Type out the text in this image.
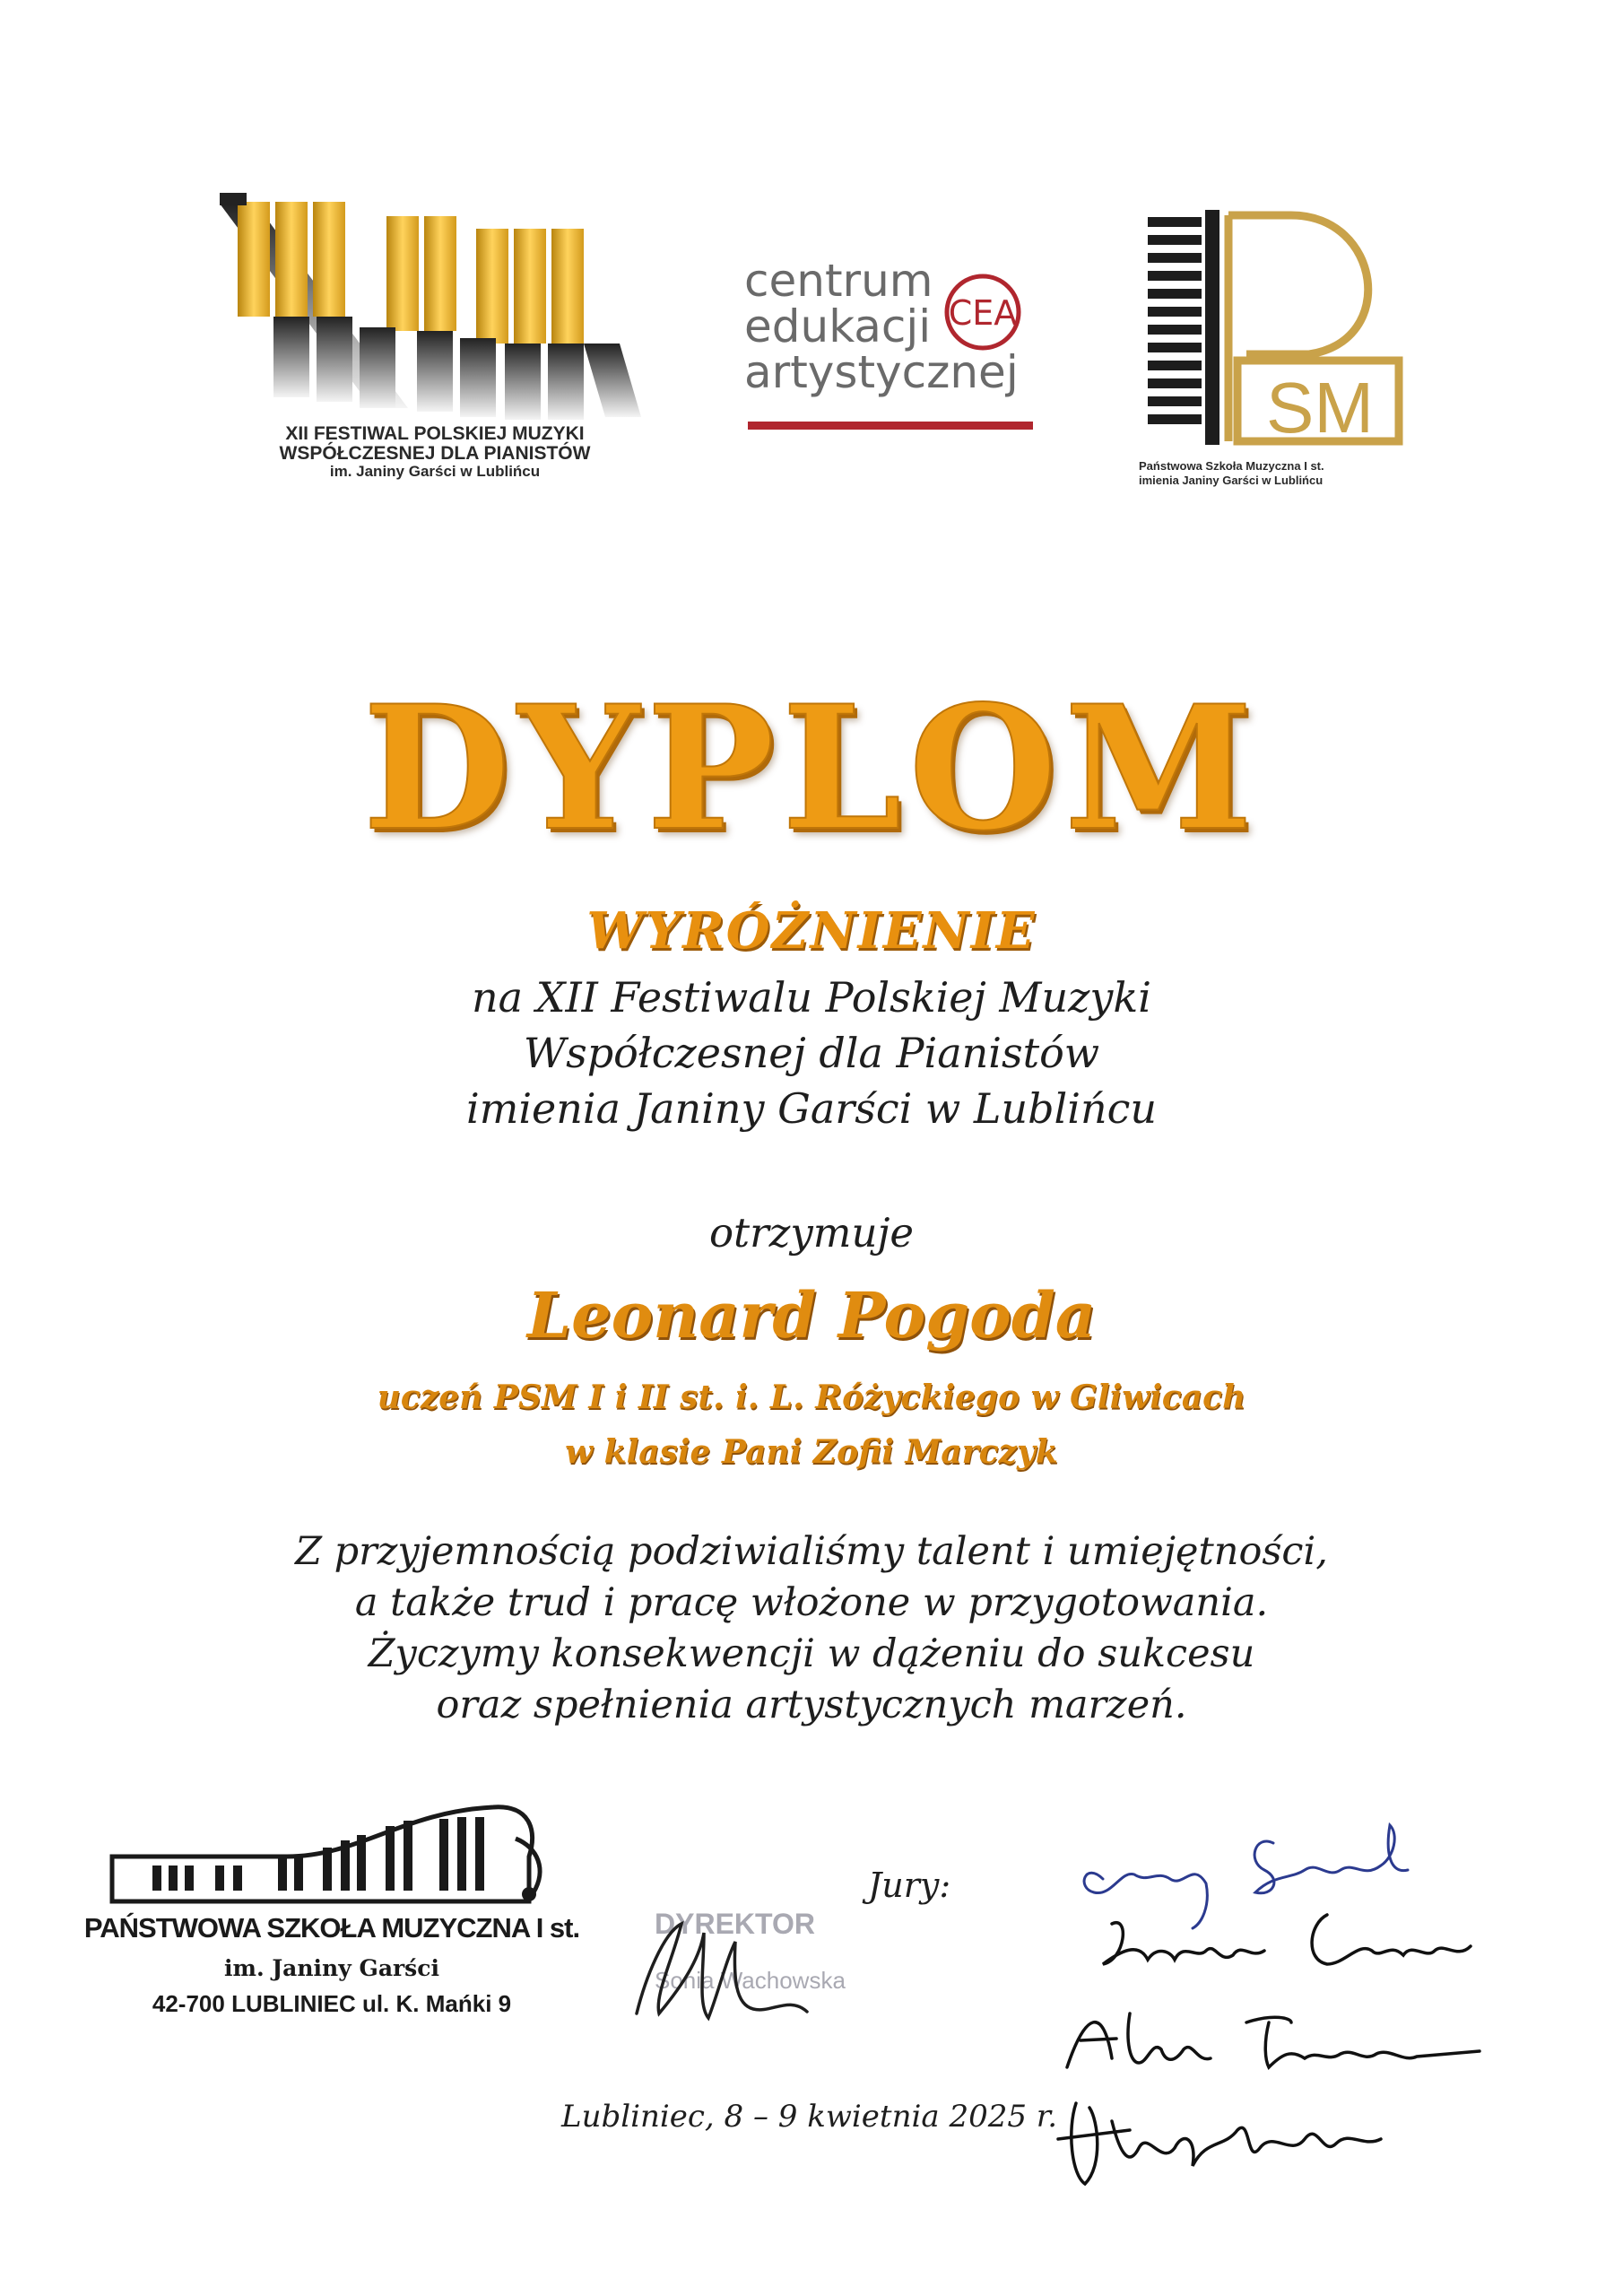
XII FESTIWAL POLSKIEJ MUZYKI
WSPÓŁCZESNEJ DLA PIANISTÓW
im. Janiny Garści w Lublińcu
centrum
edukacji
artystycznej
CEA
SM
Państwowa Szkoła Muzyczna I st.
imienia Janiny Garści w Lublińcu
DYPLOM
WYRÓŻNIENIE
na XII Festiwalu Polskiej Muzyki
Współczesnej dla Pianistów
imienia Janiny Garści w Lublińcu
otrzymuje
Leonard Pogoda
uczeń PSM I i II st. i. L. Różyckiego w Gliwicach
w klasie Pani Zofii Marczyk
Z przyjemnością podziwialiśmy talent i umiejętności,
a także trud i pracę włożone w przygotowania.
Życzymy konsekwencji w dążeniu do sukcesu
oraz spełnienia artystycznych marzeń.
PAŃSTWOWA SZKOŁA MUZYCZNA I st.
im. Janiny Garści
42-700 LUBLINIEC ul. K. Mańki 9
DYREKTOR
Sonia Wachowska
Jury:
Lubliniec, 8 – 9 kwietnia 2025 r.
